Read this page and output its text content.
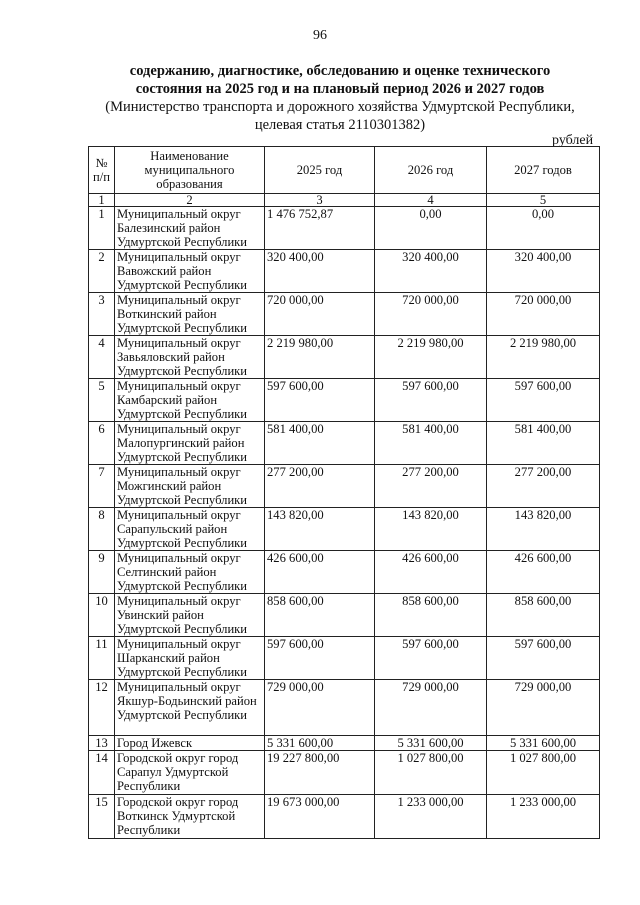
96
содержанию, диагностике, обследованию и оценке технического
состояния на 2025 год и на плановый период 2026 и 2027 годов
(Министерство транспорта и дорожного хозяйства Удмуртской Республики,
целевая статья 2110301382)
рублей
№ п/п	Наименование муниципального образования	2025 год	2026 год	2027 годов
1	2	3	4	5
1	Муниципальный округ Балезинский район Удмуртской Республики	1 476 752,87	0,00	0,00
2	Муниципальный округ Вавожский район Удмуртской Республики	320 400,00	320 400,00	320 400,00
3	Муниципальный округ Воткинский район Удмуртской Республики	720 000,00	720 000,00	720 000,00
4	Муниципальный округ Завьяловский район Удмуртской Республики	2 219 980,00	2 219 980,00	2 219 980,00
5	Муниципальный округ Камбарский район Удмуртской Республики	597 600,00	597 600,00	597 600,00
6	Муниципальный округ Малопургинский район Удмуртской Республики	581 400,00	581 400,00	581 400,00
7	Муниципальный округ Можгинский район Удмуртской Республики	277 200,00	277 200,00	277 200,00
8	Муниципальный округ Сарапульский район Удмуртской Республики	143 820,00	143 820,00	143 820,00
9	Муниципальный округ Селтинский район Удмуртской Республики	426 600,00	426 600,00	426 600,00
10	Муниципальный округ Увинский район Удмуртской Республики	858 600,00	858 600,00	858 600,00
11	Муниципальный округ Шарканский район Удмуртской Республики	597 600,00	597 600,00	597 600,00
12	Муниципальный округ Якшур-Бодьинский район Удмуртской Республики	729 000,00	729 000,00	729 000,00
13	Город Ижевск	5 331 600,00	5 331 600,00	5 331 600,00
14	Городской округ город Сарапул Удмуртской Республики	19 227 800,00	1 027 800,00	1 027 800,00
15	Городской округ город Воткинск Удмуртской Республики	19 673 000,00	1 233 000,00	1 233 000,00
